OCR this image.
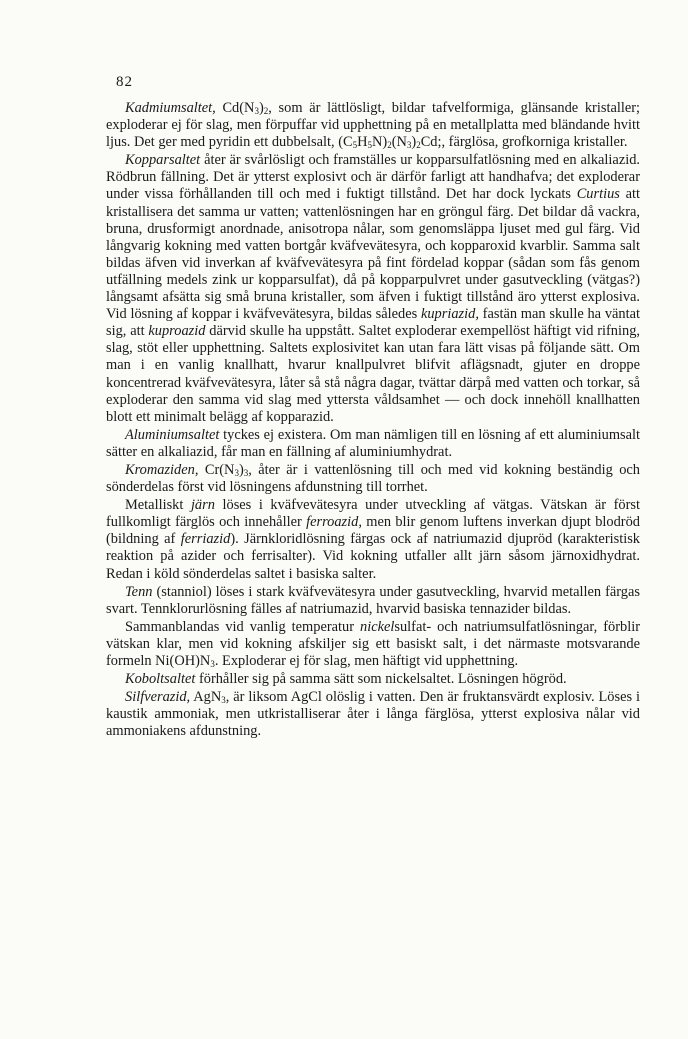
82

Kadmiumsaltet, $Cd(N_3)_2$, som är lättlösligt, bildar tafvelformiga, glänsande kristaller; exploderar ej för slag, men förpuffar vid upphettning på en metallplatta med bländande hvitt ljus. Det ger med pyridin ett dubbelsalt, $(C_5H_5N)_2(N_3)_2Cd$;, färglösa, grofkorniga kristaller.

Kopparsaltet åter är svårlösligt och framställes ur kopparsulfatlösning med en alkaliazid. Rödbrun fällning. Det är ytterst explosivt och är därför farligt att handhafva; det exploderar under vissa förhållanden till och med i fuktigt tillstånd. Det har dock lyckats Curtius att kristallisera det samma ur vatten; vattenlösningen har en gröngul färg. Det bildar då vackra, bruna, drusformigt anordnade, anisotropa nålar, som genomsläppa ljuset med gul färg. Vid långvarig kokning med vatten bortgår kväfvevätesyra, och kopparoxid kvarblir. Samma salt bildas äfven vid inverkan af kväfvevätesyra på fint fördelad koppar (sådan som fås genom utfällning medels zink ur kopparsulfat), då på kopparpulvret under gasutveckling (vätgas?) långsamt afsätta sig små bruna kristaller, som äfven i fuktigt tillstånd äro ytterst explosiva. Vid lösning af koppar i kväfvevätesyra, bildas således kupriazid, fastän man skulle ha väntat sig, att kuproazid därvid skulle ha uppstått. Saltet exploderar exempellöst häftigt vid rifning, slag, stöt eller upphettning. Saltets explosivitet kan utan fara lätt visas på följande sätt. Om man i en vanlig knallhatt, hvarur knallpulvret blifvit aflägsnadt, gjuter en droppe koncentrerad kväfvevätesyra, låter så stå några dagar, tvättar därpå med vatten och torkar, så exploderar den samma vid slag med yttersta våldsamhet — och dock innehöll knallhatten blott ett minimalt belägg af kopparazid.

Aluminiumsaltet tyckes ej existera. Om man nämligen till en lösning af ett aluminiumsalt sätter en alkaliazid, får man en fällning af aluminiumhydrat.

Kromaziden, $Cr(N_3)_3$, åter är i vattenlösning till och med vid kokning beständig och sönderdelas först vid lösningens afdunstning till torrhet.

Metalliskt järn löses i kväfvevätesyra under utveckling af vätgas. Vätskan är först fullkomligt färglös och innehåller ferroazid, men blir genom luftens inverkan djupt blodröd (bildning af ferriazid). Järnkloridlösning färgas ock af natriumazid djupröd (karakteristisk reaktion på azider och ferrisalter). Vid kokning utfaller allt järn såsom järnoxidhydrat. Redan i köld sönderdelas saltet i basiska salter.

Tenn (stanniol) löses i stark kväfvevätesyra under gasutveckling, hvarvid metallen färgas svart. Tennklorurlösning fälles af natriumazid, hvarvid basiska tennazider bildas.

Sammanblandas vid vanlig temperatur nickelsulfat- och natriumsulfatlösningar, förblir vätskan klar, men vid kokning afskiljer sig ett basiskt salt, i det närmaste motsvarande formeln $Ni(OH)N_3$. Exploderar ej för slag, men häftigt vid upphettning.

Koboltsaltet förhåller sig på samma sätt som nickelsaltet. Lösningen högröd.

Silfverazid, AgN$_3$, är liksom AgCl olöslig i vatten. Den är fruktansvärdt explosiv. Löses i kaustik ammoniak, men utkristalliserar åter i långa färglösa, ytterst explosiva nålar vid ammoniakens afdunstning.
